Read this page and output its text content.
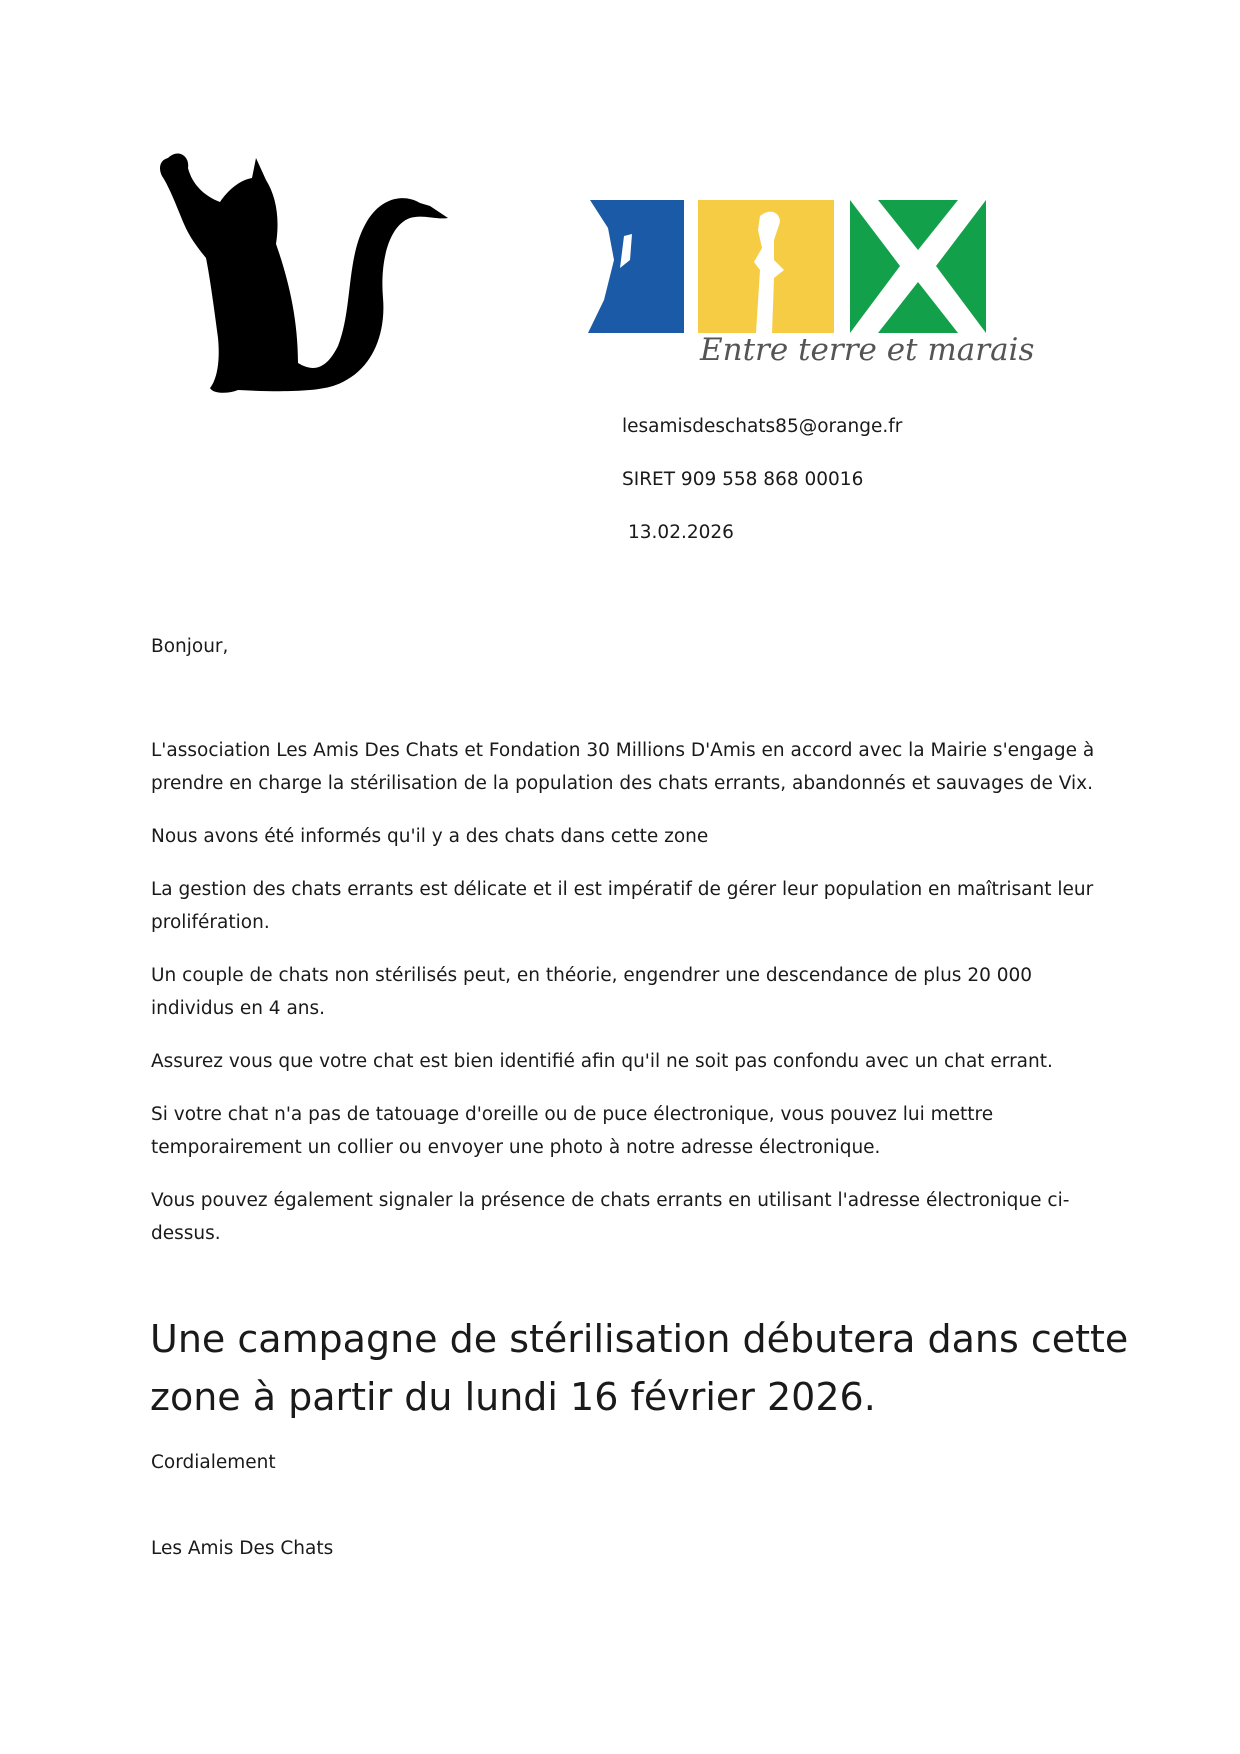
Entre terre et marais
lesamisdeschats85@orange.fr
SIRET 909 558 868 00016
13.02.2026
Bonjour,

L'association Les Amis Des Chats et Fondation 30 Millions D'Amis en accord avec la Mairie s'engage à prendre en charge la stérilisation de la population des chats errants, abandonnés et sauvages de Vix.

Nous avons été informés qu'il y a des chats dans cette zone

La gestion des chats errants est délicate et il est impératif de gérer leur population en maîtrisant leur prolifération.

Un couple de chats non stérilisés peut, en théorie, engendrer une descendance de plus 20 000 individus en 4 ans.

Assurez vous que votre chat est bien identifié afin qu'il ne soit pas confondu avec un chat errant.

Si votre chat n'a pas de tatouage d'oreille ou de puce électronique, vous pouvez lui mettre temporairement un collier ou envoyer une photo à notre adresse électronique.

Vous pouvez également signaler la présence de chats errants en utilisant l'adresse électronique ci-dessus.

Une campagne de stérilisation débutera dans cette zone à partir du lundi 16 février 2026.
Cordialement
Les Amis Des Chats
